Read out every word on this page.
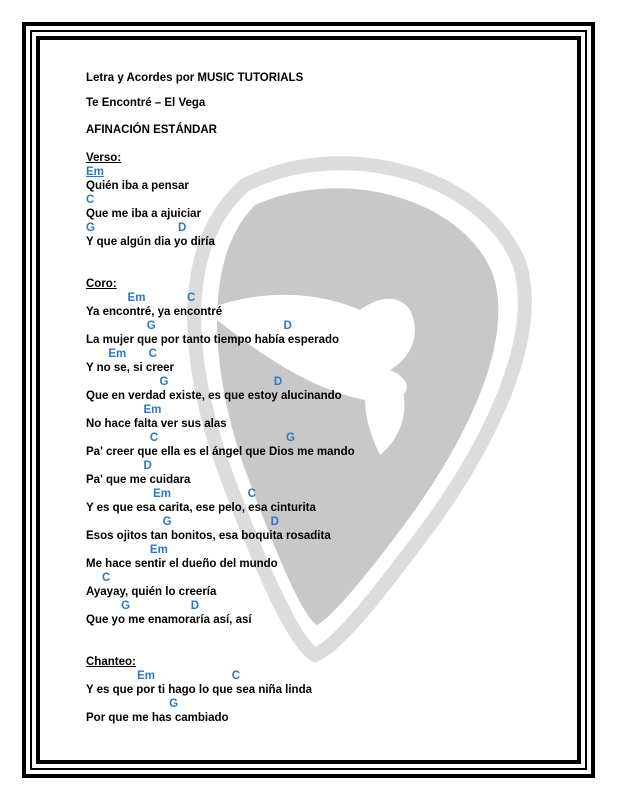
Letra y Acordes por MUSIC TUTORIALS

Te Encontré – El Vega

AFINACIÓN ESTÁNDAR

Verso:

Em

Quién iba a pensar

C

Que me iba a ajuiciar

G                          D

Y que algún dia yo diría

Coro:

Em             C

Ya encontré, ya encontré

G                                        D

La mujer que por tanto tiempo había esperado

Em       C

Y no se, si creer

G                                 D

Que en verdad existe, es que estoy alucinando

Em

No hace falta ver sus alas

C                                        G

Pa' creer que ella es el ángel que Dios me mando

D

Pa' que me cuidara

Em                        C

Y es que esa carita, ese pelo, esa cinturita

G                               D

Esos ojitos tan bonitos, esa boquita rosadita

Em

Me hace sentir el dueño del mundo

C

Ayayay, quién lo creería

G                   D

Que yo me enamoraría así, así

Chanteo:

Em                        C

Y es que por ti hago lo que sea niña linda

G

Por que me has cambiado
